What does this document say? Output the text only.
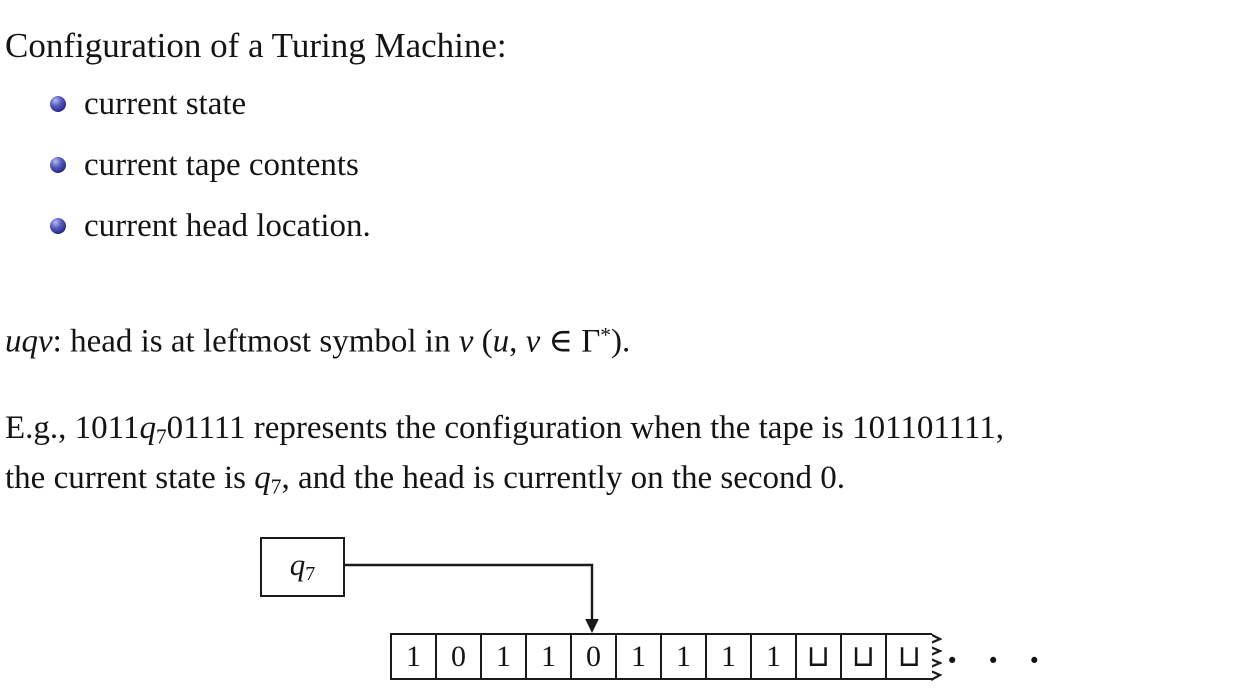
Configuration of a Turing Machine:
current state
current tape contents
current head location.
uqv: head is at leftmost symbol in v (u, v ∈ Γ*).
E.g., $1011q_701111$ represents the configuration when the tape is 101101111,
the current state is $q_7$, and the head is currently on the second 0.
$q_7$
1	0	1	1	0	1	1	1	1 ⊔ ⊔ ⊔	• • •
